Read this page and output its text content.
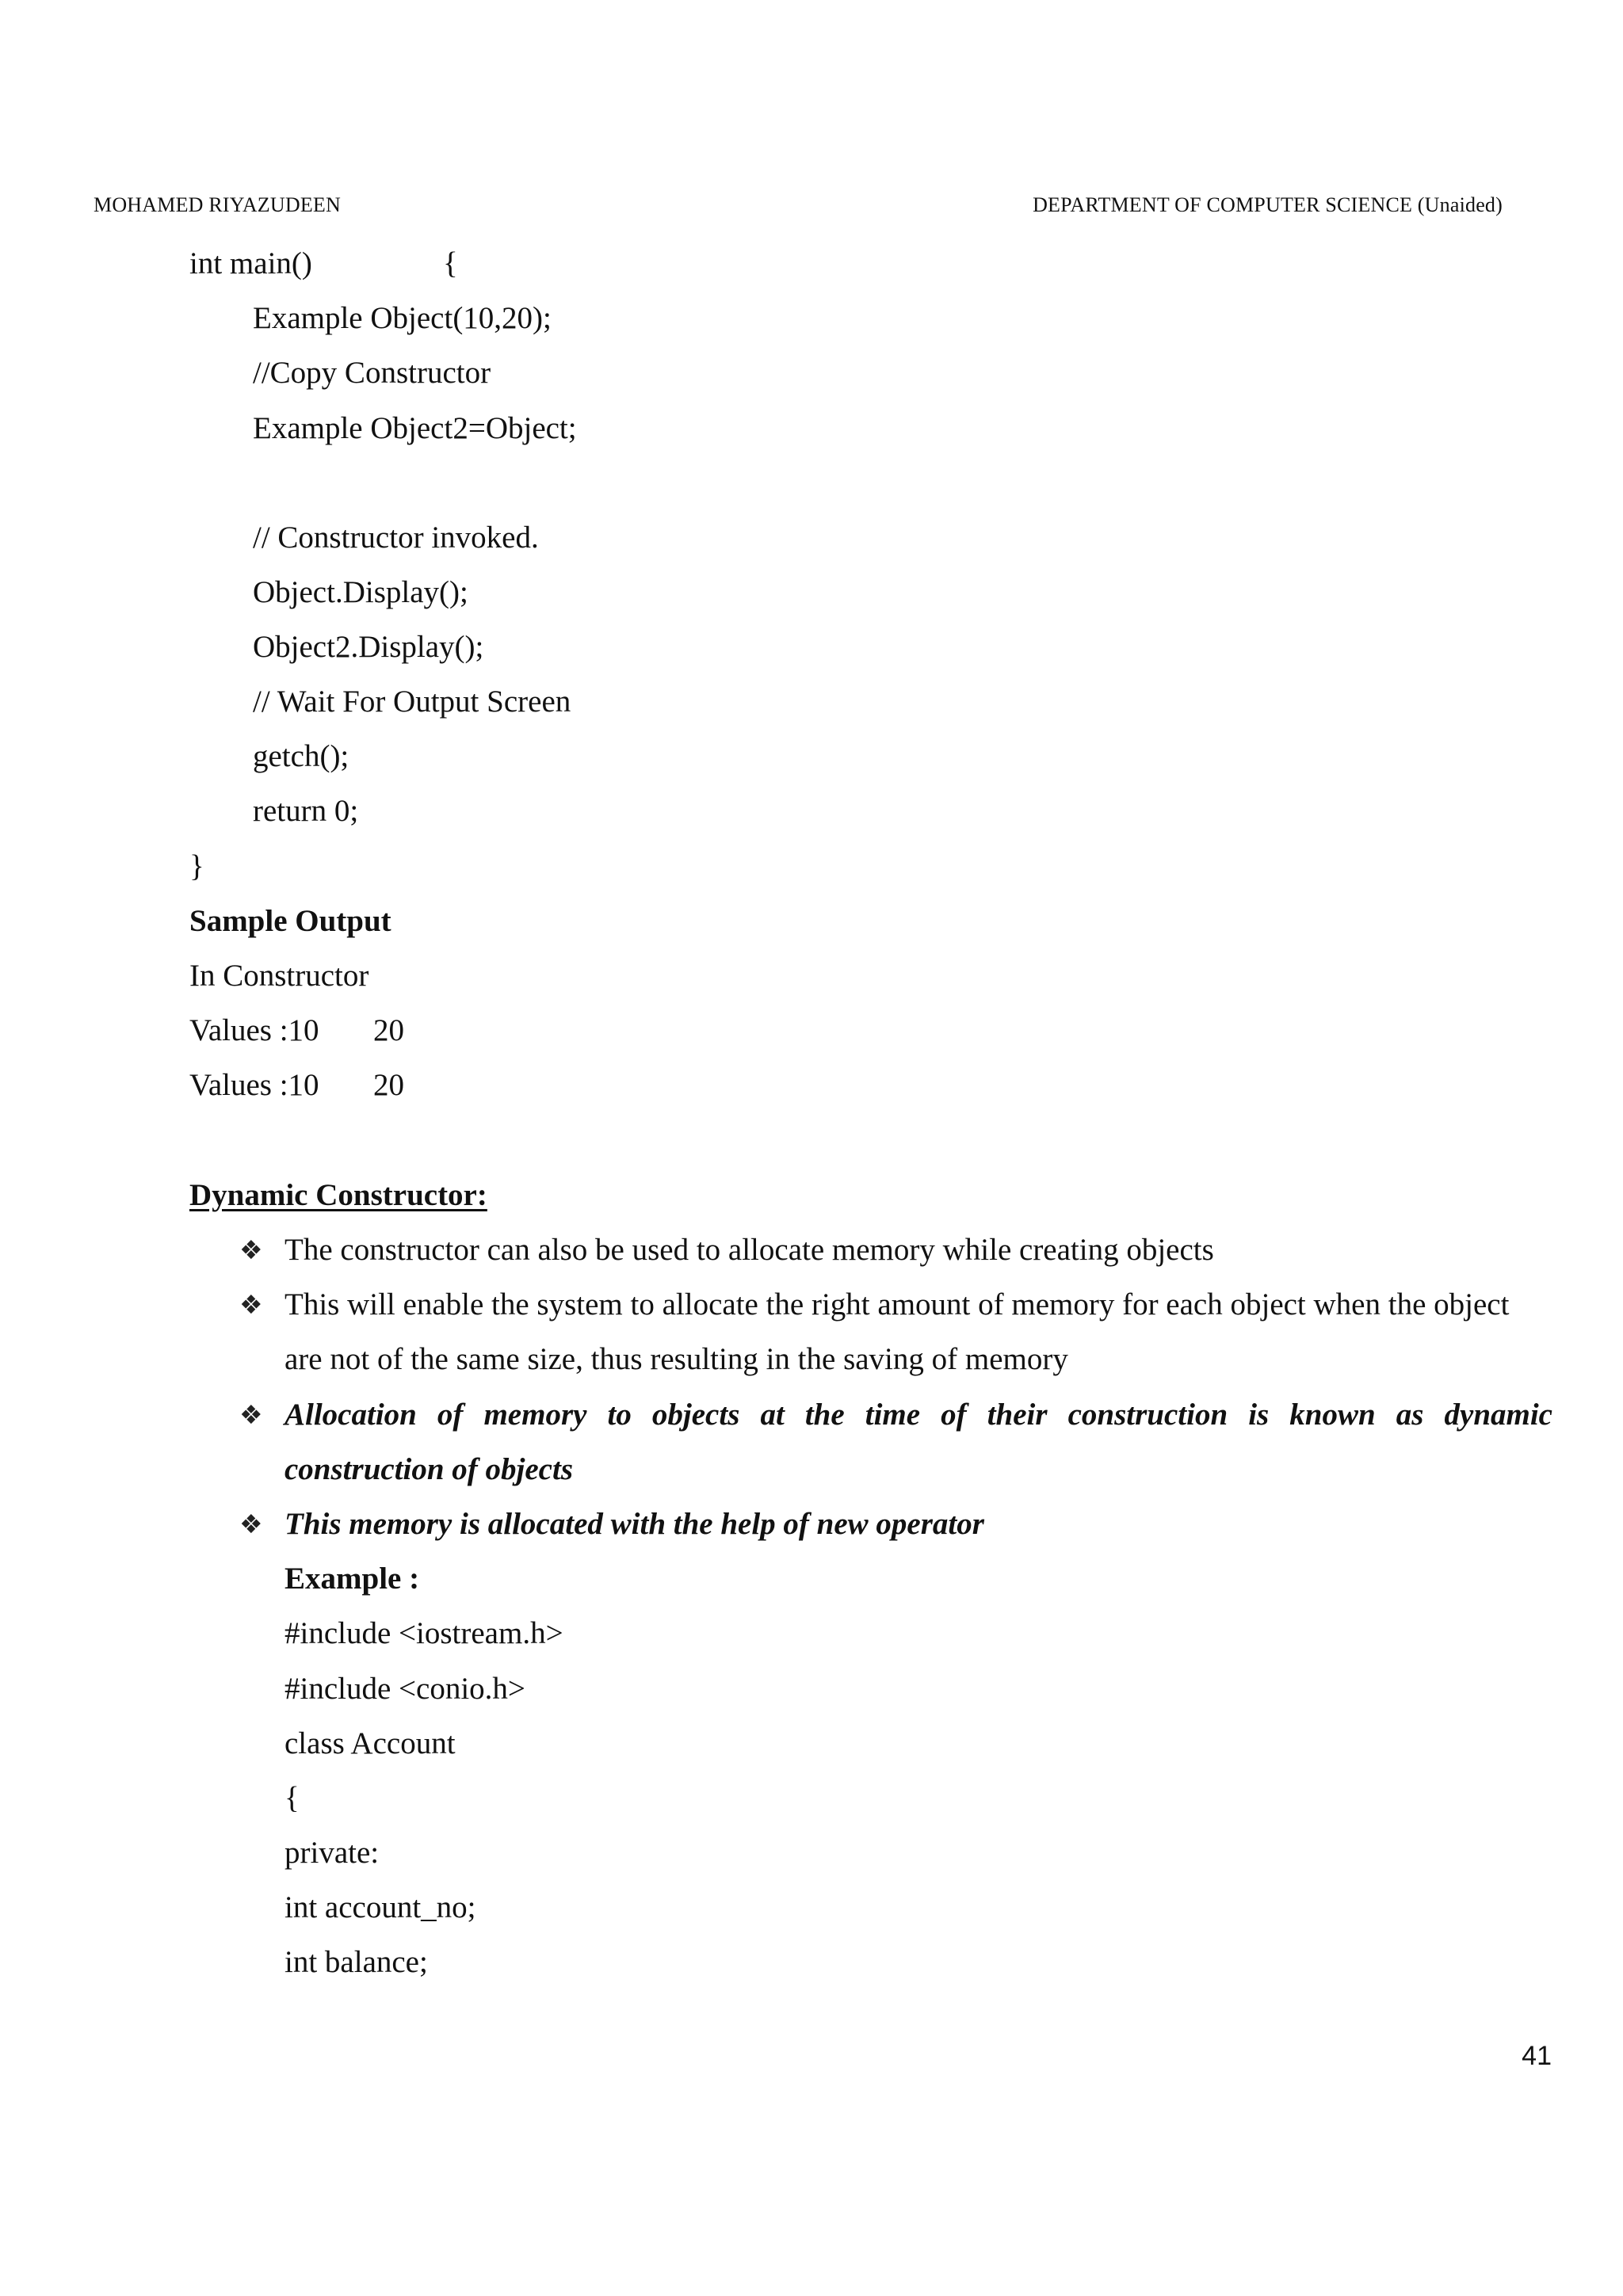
MOHAMED RIYAZUDEEN	DEPARTMENT OF COMPUTER SCIENCE (Unaided)
int main()	{
Example Object(10,20);
//Copy Constructor
Example Object2=Object;
// Constructor invoked.
Object.Display();
Object2.Display();
// Wait For Output Screen
getch();
return 0;
}
Sample Output
In Constructor
Values :10 20
Values :10 20
Dynamic Constructor:
❖ The constructor can also be used to allocate memory while creating objects
❖ This will enable the system to allocate the right amount of memory for each object when the object
are not of the same size, thus resulting in the saving of memory
❖ Allocation of memory to objects at the time of their construction is known as dynamic
construction of objects
❖ This memory is allocated with the help of new operator
Example :
#include <iostream.h>
#include <conio.h>
class Account
{
private:
int account_no;
int balance;
41
